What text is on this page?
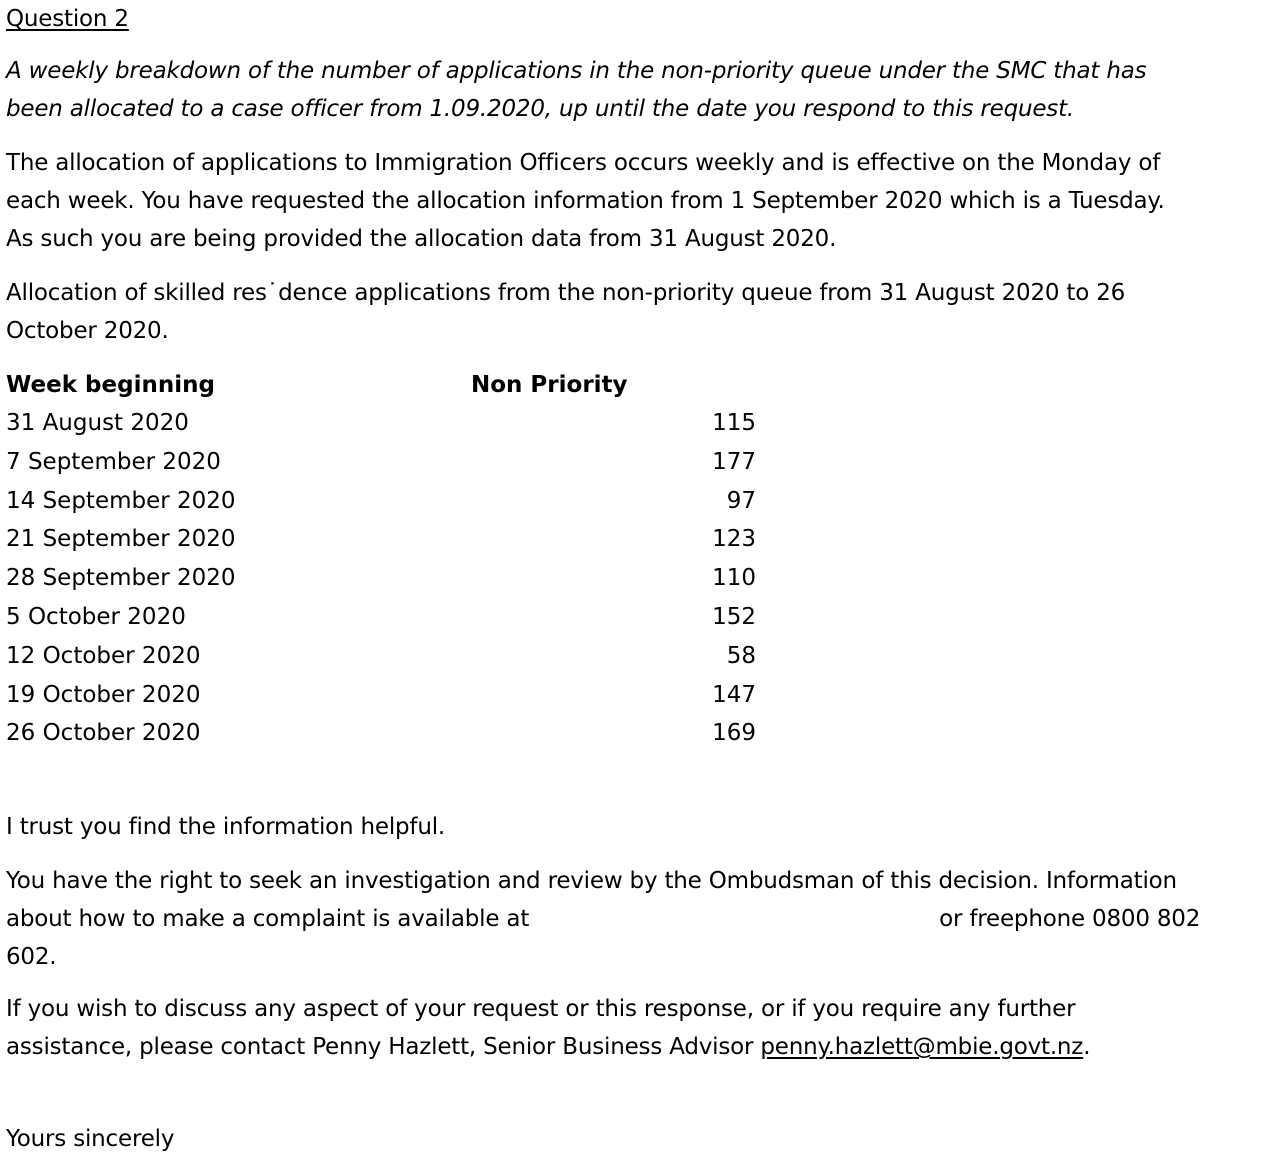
Question 2
A weekly breakdown of the number of applications in the non-priority queue under the SMC that has
been allocated to a case officer from 1.09.2020, up until the date you respond to this request.
The allocation of applications to Immigration Officers occurs weekly and is effective on the Monday of
each week. You have requested the allocation information from 1 September 2020 which is a Tuesday.
As such you are being provided the allocation data from 31 August 2020.
Allocation of skilled res˙dence applications from the non-priority queue from 31 August 2020 to 26
October 2020.
Week beginning	Non Priority
31 August 2020	115
7 September 2020	177
14 September 2020	97
21 September 2020	123
28 September 2020	110
5 October 2020	152
12 October 2020	58
19 October 2020	147
26 October 2020	169
I trust you find the information helpful.
You have the right to seek an investigation and review by the Ombudsman of this decision. Information
about how to make a complaint is available at	or freephone 0800 802
602.
If you wish to discuss any aspect of your request or this response, or if you require any further
assistance, please contact Penny Hazlett, Senior Business Advisor penny.hazlett@mbie.govt.nz.
Yours sincerely
